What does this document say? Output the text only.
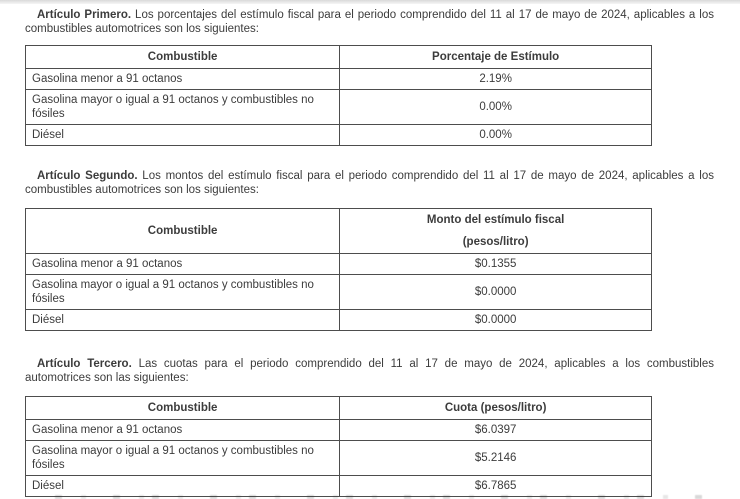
Artículo Primero. Los porcentajes del estímulo fiscal para el periodo comprendido del 11 al 17 de mayo de 2024, aplicables a los combustibles automotrices son los siguientes:

Combustible	Porcentaje de Estímulo

Gasolina menor a 91 octanos	2.19%
Gasolina mayor o igual a 91 octanos y combustibles no fósiles	0.00%
Diésel	0.00%

Artículo Segundo. Los montos del estímulo fiscal para el periodo comprendido del 11 al 17 de mayo de 2024, aplicables a los combustibles automotrices son los siguientes:

Combustible	Monto del estímulo fiscal
(pesos/litro)

Gasolina menor a 91 octanos	$0.1355
Gasolina mayor o igual a 91 octanos y combustibles no fósiles	$0.0000
Diésel	$0.0000

Artículo Tercero. Las cuotas para el periodo comprendido del 11 al 17 de mayo de 2024, aplicables a los combustibles automotrices son las siguientes:

Combustible	Cuota (pesos/litro)

Gasolina menor a 91 octanos	$6.0397
Gasolina mayor o igual a 91 octanos y combustibles no fósiles	$5.2146
Diésel	$6.7865
